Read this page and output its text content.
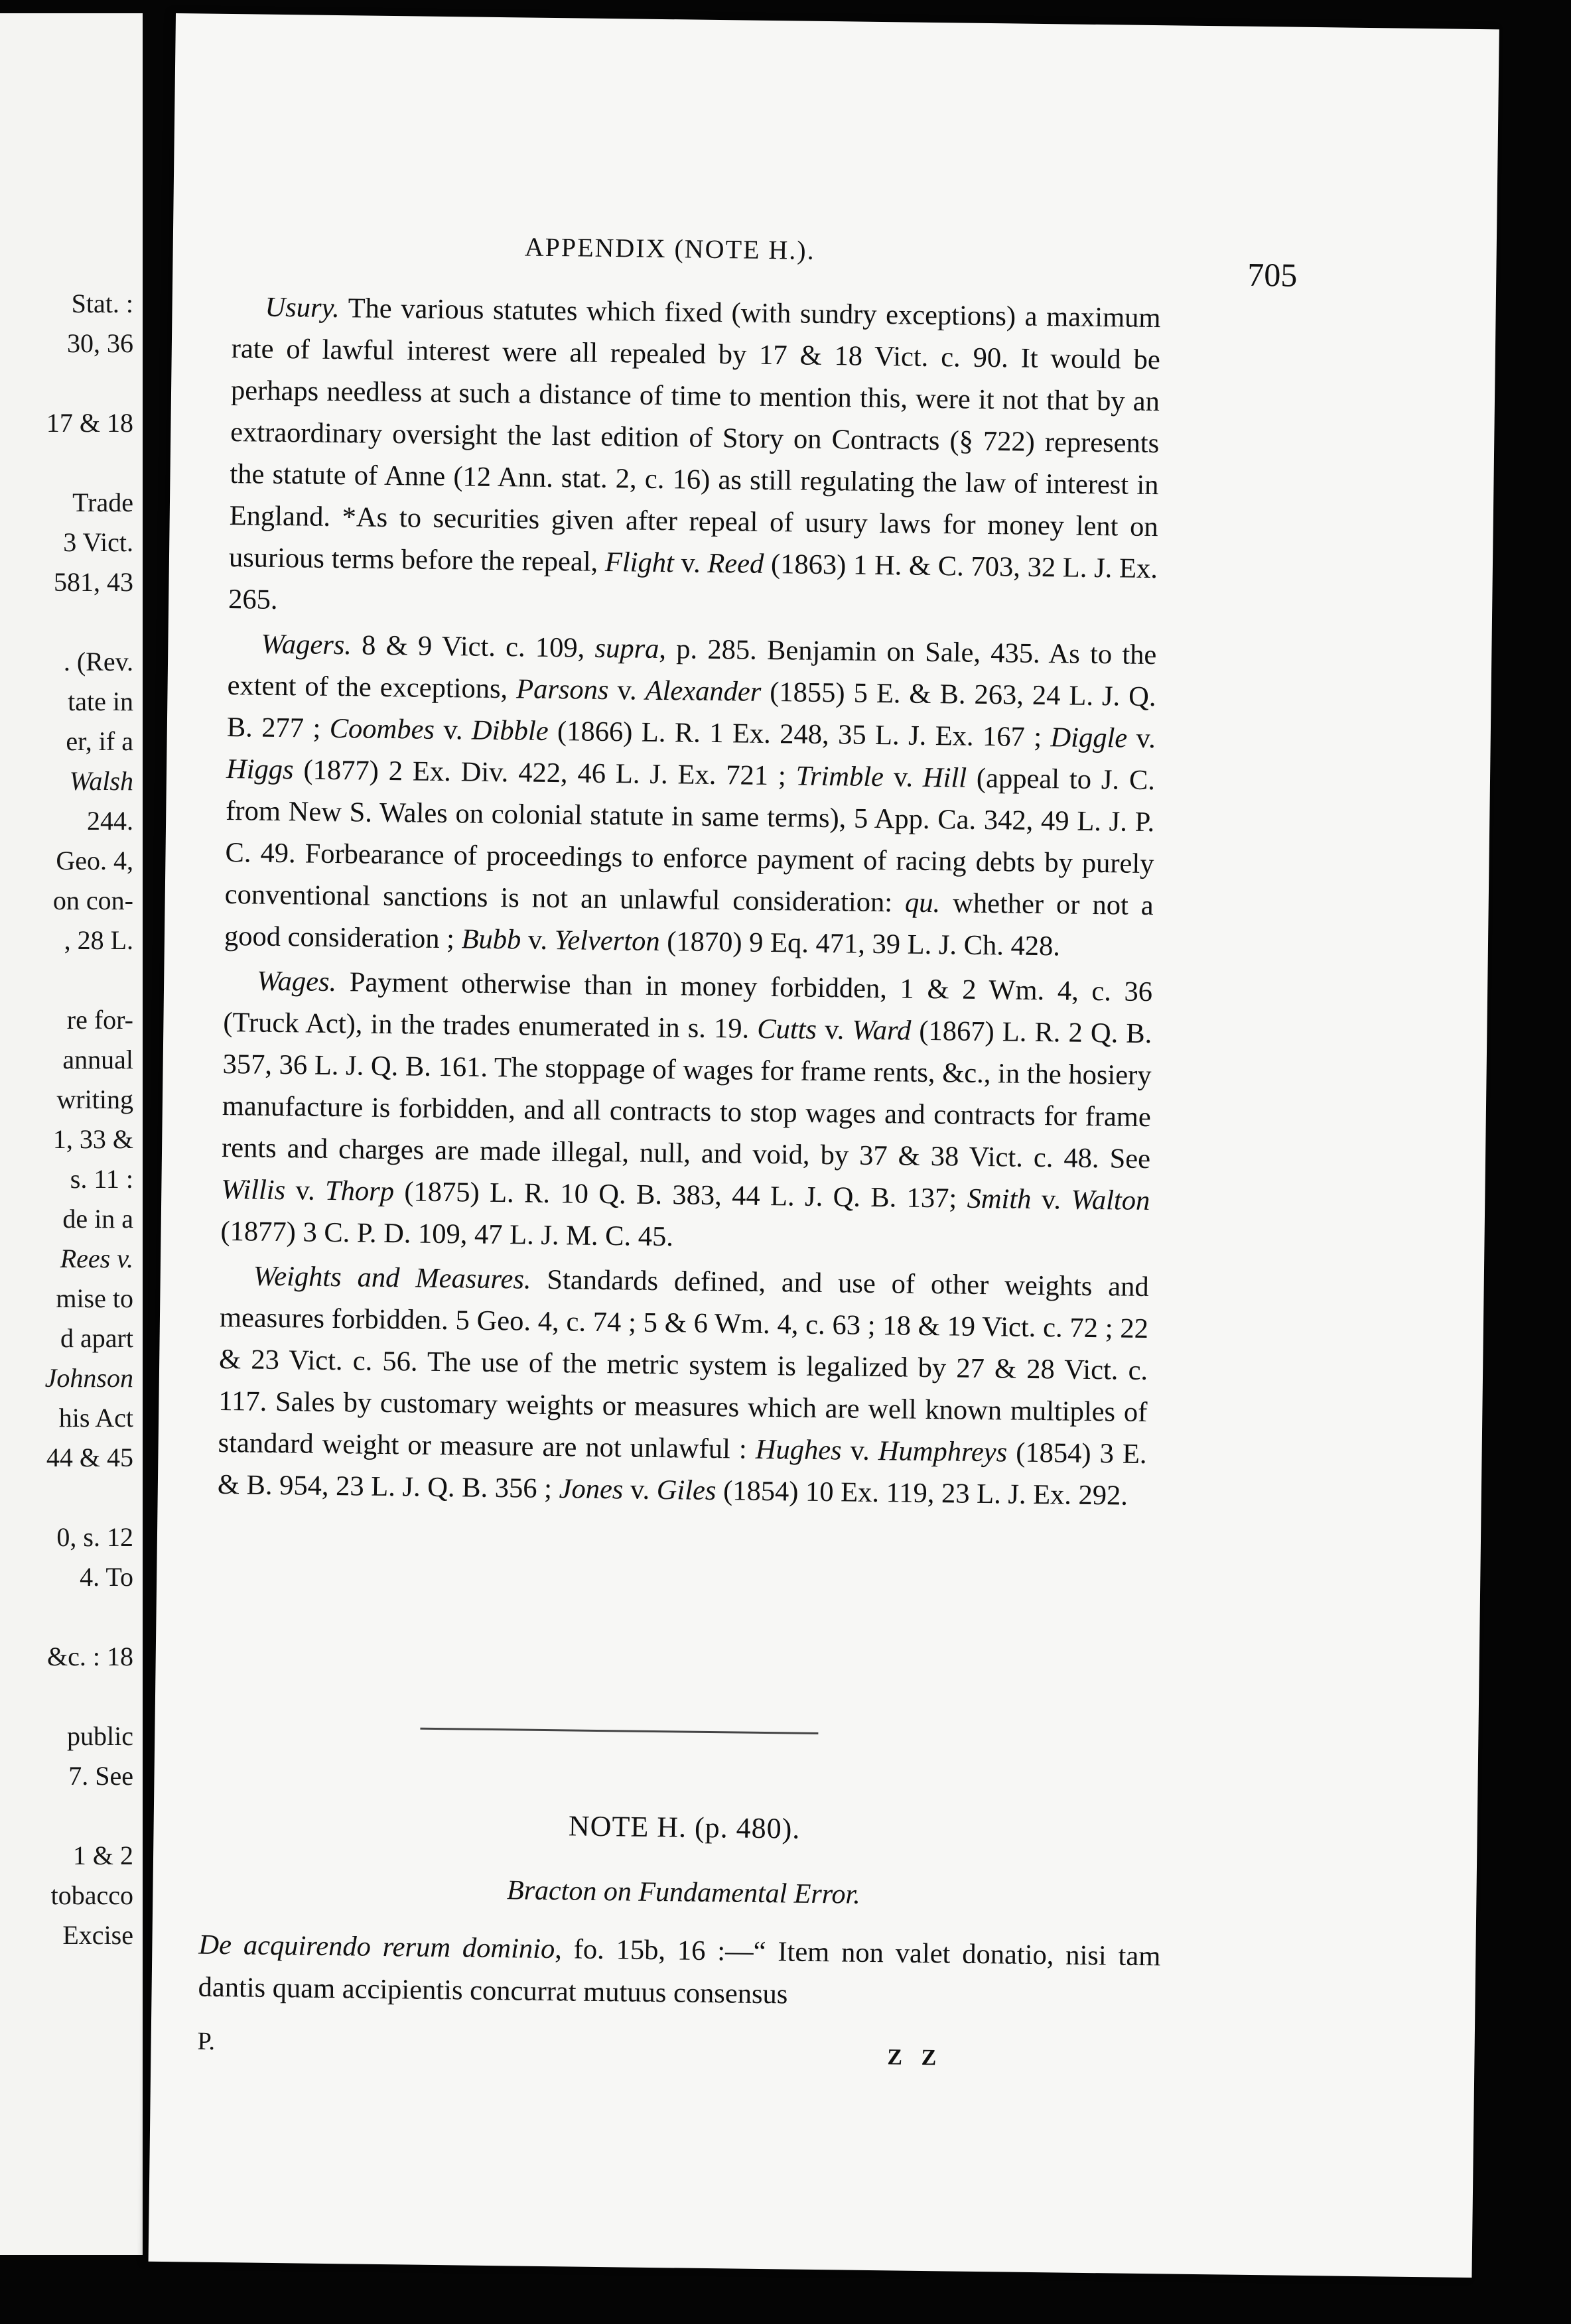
Stat. :
30, 36
17 & 18
Trade
3 Vict.
581, 43
. (Rev.
tate in
er, if a
Walsh
244.
Geo. 4,
on con-
, 28 L.
re for-
annual
writing
1, 33 &
s. 11 :
de in a
Rees v.
mise to
d apart
Johnson
his Act
44 & 45
0, s. 12
4. To
&c. : 18
public
7. See
1 & 2
tobacco
Excise
APPENDIX (NOTE H.).
705

Usury. The various statutes which fixed (with sundry exceptions) a maximum rate of lawful interest were all repealed by 17 & 18 Vict. c. 90. It would be perhaps needless at such a distance of time to mention this, were it not that by an extraordinary oversight the last edition of Story on Contracts (§ 722) represents the statute of Anne (12 Ann. stat. 2, c. 16) as still regulating the law of interest in England. *As to securities given after repeal of usury laws for money lent on usurious terms before the repeal, Flight v. Reed (1863) 1 H. & C. 703, 32 L. J. Ex. 265.

Wagers. 8 & 9 Vict. c. 109, supra, p. 285. Benjamin on Sale, 435. As to the extent of the exceptions, Parsons v. Alexander (1855) 5 E. & B. 263, 24 L. J. Q. B. 277 ; Coombes v. Dibble (1866) L. R. 1 Ex. 248, 35 L. J. Ex. 167 ; Diggle v. Higgs (1877) 2 Ex. Div. 422, 46 L. J. Ex. 721 ; Trimble v. Hill (appeal to J. C. from New S. Wales on colonial statute in same terms), 5 App. Ca. 342, 49 L. J. P. C. 49. Forbearance of proceedings to enforce payment of racing debts by purely conventional sanctions is not an unlawful consideration: qu. whether or not a good consideration ; Bubb v. Yelverton (1870) 9 Eq. 471, 39 L. J. Ch. 428.

Wages. Payment otherwise than in money forbidden, 1 & 2 Wm. 4, c. 36 (Truck Act), in the trades enumerated in s. 19. Cutts v. Ward (1867) L. R. 2 Q. B. 357, 36 L. J. Q. B. 161. The stoppage of wages for frame rents, &c., in the hosiery manufacture is forbidden, and all contracts to stop wages and contracts for frame rents and charges are made illegal, null, and void, by 37 & 38 Vict. c. 48. See Willis v. Thorp (1875) L. R. 10 Q. B. 383, 44 L. J. Q. B. 137; Smith v. Walton (1877) 3 C. P. D. 109, 47 L. J. M. C. 45.

Weights and Measures. Standards defined, and use of other weights and measures forbidden. 5 Geo. 4, c. 74 ; 5 & 6 Wm. 4, c. 63 ; 18 & 19 Vict. c. 72 ; 22 & 23 Vict. c. 56. The use of the metric system is legalized by 27 & 28 Vict. c. 117. Sales by customary weights or measures which are well known multiples of standard weight or measure are not unlawful : Hughes v. Humphreys (1854) 3 E. & B. 954, 23 L. J. Q. B. 356 ; Jones v. Giles (1854) 10 Ex. 119, 23 L. J. Ex. 292.

NOTE H. (p. 480).
Bracton on Fundamental Error.

De acquirendo rerum dominio, fo. 15b, 16 :—“ Item non valet donatio, nisi tam dantis quam accipientis concurrat mutuus consensus

P.
Z Z
